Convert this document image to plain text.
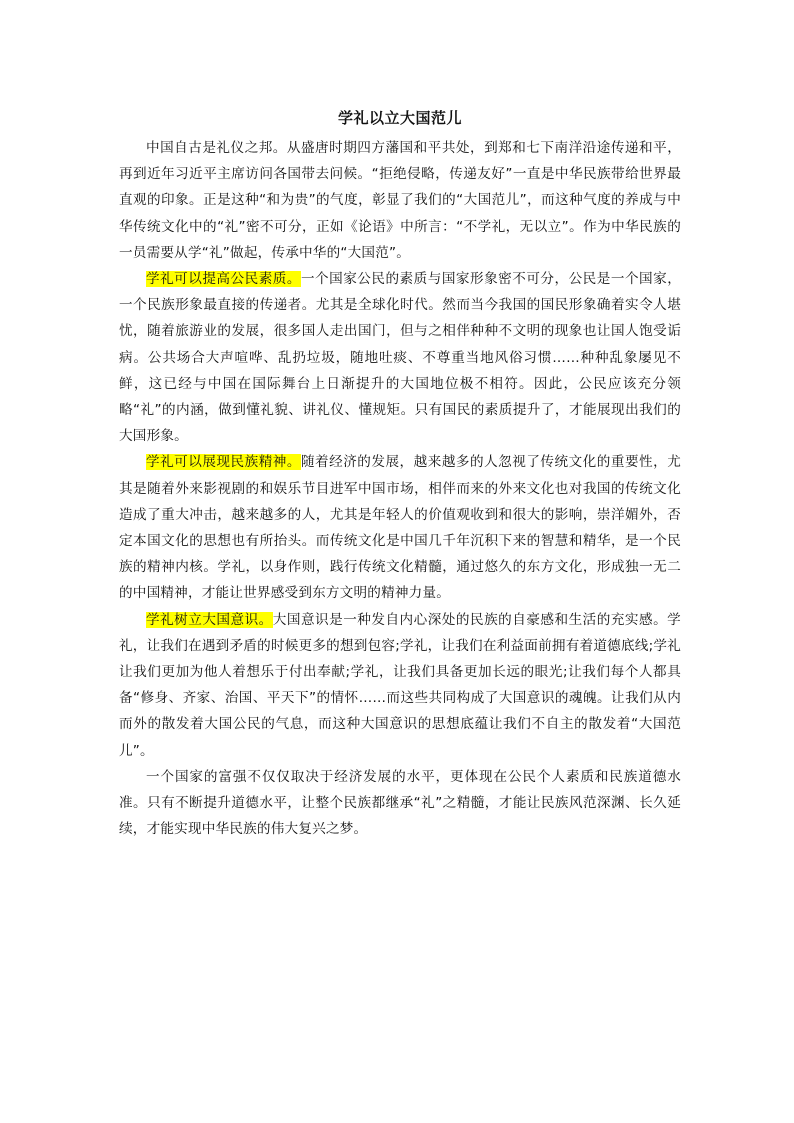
学礼以立大国范儿

中国自古是礼仪之邦。从盛唐时期四方藩国和平共处，到郑和七下南洋沿途传递和平，再到近年习近平主席访问各国带去问候。“拒绝侵略，传递友好”一直是中华民族带给世界最直观的印象。正是这种“和为贵”的气度，彰显了我们的“大国范儿”，而这种气度的养成与中华传统文化中的“礼”密不可分，正如《论语》中所言：“不学礼，无以立”。作为中华民族的一员需要从学“礼”做起，传承中华的“大国范”。

学礼可以提高公民素质。一个国家公民的素质与国家形象密不可分，公民是一个国家，一个民族形象最直接的传递者。尤其是全球化时代。然而当今我国的国民形象确着实令人堪忧，随着旅游业的发展，很多国人走出国门，但与之相伴种种不文明的现象也让国人饱受诟病。公共场合大声喧哗、乱扔垃圾，随地吐痰、不尊重当地风俗习惯……种种乱象屡见不鲜，这已经与中国在国际舞台上日渐提升的大国地位极不相符。因此，公民应该充分领略“礼”的内涵，做到懂礼貌、讲礼仪、懂规矩。只有国民的素质提升了，才能展现出我们的大国形象。

学礼可以展现民族精神。随着经济的发展，越来越多的人忽视了传统文化的重要性，尤其是随着外来影视剧的和娱乐节目进军中国市场，相伴而来的外来文化也对我国的传统文化造成了重大冲击，越来越多的人，尤其是年轻人的价值观收到和很大的影响，崇洋媚外，否定本国文化的思想也有所抬头。而传统文化是中国几千年沉积下来的智慧和精华，是一个民族的精神内核。学礼，以身作则，践行传统文化精髓，通过悠久的东方文化，形成独一无二的中国精神，才能让世界感受到东方文明的精神力量。

学礼树立大国意识。大国意识是一种发自内心深处的民族的自豪感和生活的充实感。学礼，让我们在遇到矛盾的时候更多的想到包容;学礼，让我们在利益面前拥有着道德底线;学礼让我们更加为他人着想乐于付出奉献;学礼，让我们具备更加长远的眼光;让我们每个人都具备“修身、齐家、治国、平天下”的情怀……而这些共同构成了大国意识的魂魄。让我们从内而外的散发着大国公民的气息，而这种大国意识的思想底蕴让我们不自主的散发着“大国范儿”。

一个国家的富强不仅仅取决于经济发展的水平，更体现在公民个人素质和民族道德水准。只有不断提升道德水平，让整个民族都继承“礼”之精髓，才能让民族风范深渊、长久延续，才能实现中华民族的伟大复兴之梦。
